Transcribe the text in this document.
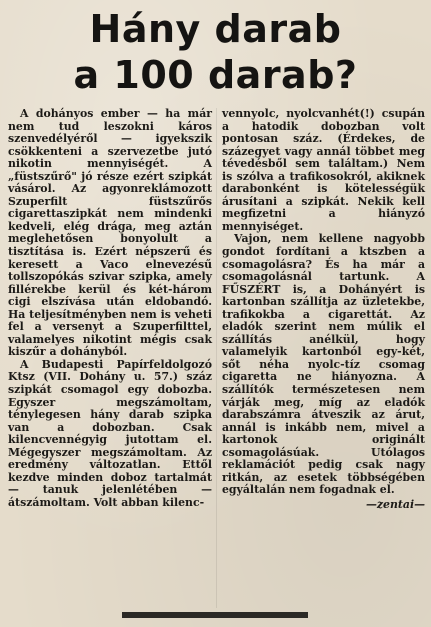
Hány darab
a 100 darab?

A dohányos ember — ha már nem tud leszokni káros szenvedélyéről — igyekszik csökkenteni a szervezetbe jutó nikotin mennyiségét. A „füstszűrő" jó része ezért szipkát vásárol. Az agyonreklámozott Szuperfilt füstszűrős cigarettaszipkát nem mindenki kedveli, elég drága, meg aztán meglehetősen bonyolult a tisztítása is. Ezért népszerű és keresett a Vaco elnevezésű tollszopókás szivar szipka, amely fillérekbe kerül és két-három cigi elszívása után eldobandó. Ha teljesítményben nem is veheti fel a versenyt a Szuperfilttel, valamelyes nikotint mégis csak kiszűr a dohányból.

A Budapesti Papírfeldolgozó Ktsz (VII. Dohány u. 57.) száz szipkát csomagol egy dobozba. Egyszer megszámoltam, ténylegesen hány darab szipka van a dobozban. Csak kilencvennégyig jutottam el. Mégegyszer megszámoltam. Az eredmény változatlan. Ettől kezdve minden doboz tartalmát — tanuk jelenlétében — átszámoltam. Volt abban kilenc-

vennyolc, nyolcvanhét(!) csupán a hatodik dobozban volt pontosan száz. (Érdekes, de százegyet vagy annál többet meg tévedésből sem találtam.) Nem is szólva a trafikosokról, akiknek darabonként is kötelességük árusítani a szipkát. Nekik kell megfizetni a hiányzó mennyiséget.

Vajon, nem kellene nagyobb gondot fordítani a ktszben a csomagolásra? És ha már a csomagolásnál tartunk. A FŰSZÉRT is, a Dohányért is kartonban szállítja az üzletekbe, trafikokba a cigarettát. Az eladók szerint nem múlik el szállítás anélkül, hogy valamelyik kartonból egy-két, sőt néha nyolc-tíz csomag cigaretta ne hiányozna. A szállítók természetesen nem várják meg, míg az eladók darabszámra átveszik az árut, annál is inkább nem, mivel a kartonok originált csomagolásúak. Utólagos reklamációt pedig csak nagy ritkán, az esetek többségében egyáltalán nem fogadnak el.

—zentai—
